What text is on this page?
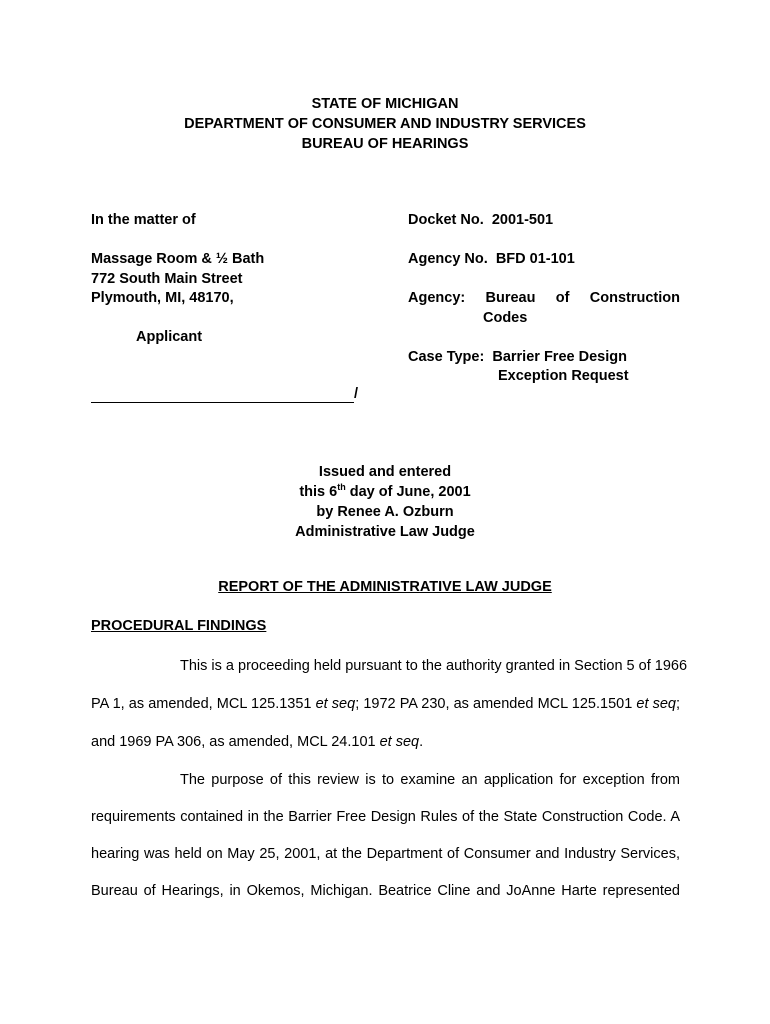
STATE OF MICHIGAN
DEPARTMENT OF CONSUMER AND INDUSTRY SERVICES
BUREAU OF HEARINGS
In the matter of
Massage Room & ½ Bath
772 South Main Street
Plymouth, MI, 48170,
Applicant
/
Docket No. 2001-501
Agency No. BFD 01-101
Agency: Bureau of Construction
Codes
Case Type: Barrier Free Design
Exception Request
Issued and entered
this 6th day of June, 2001
by Renee A. Ozburn
Administrative Law Judge
REPORT OF THE ADMINISTRATIVE LAW JUDGE
PROCEDURAL FINDINGS
This is a proceeding held pursuant to the authority granted in Section 5 of 1966
PA 1, as amended, MCL 125.1351 et seq; 1972 PA 230, as amended MCL 125.1501 et seq;
and 1969 PA 306, as amended, MCL 24.101 et seq.
The purpose of this review is to examine an application for exception from
requirements contained in the Barrier Free Design Rules of the State Construction Code. A
hearing was held on May 25, 2001, at the Department of Consumer and Industry Services,
Bureau of Hearings, in Okemos, Michigan. Beatrice Cline and JoAnne Harte represented
